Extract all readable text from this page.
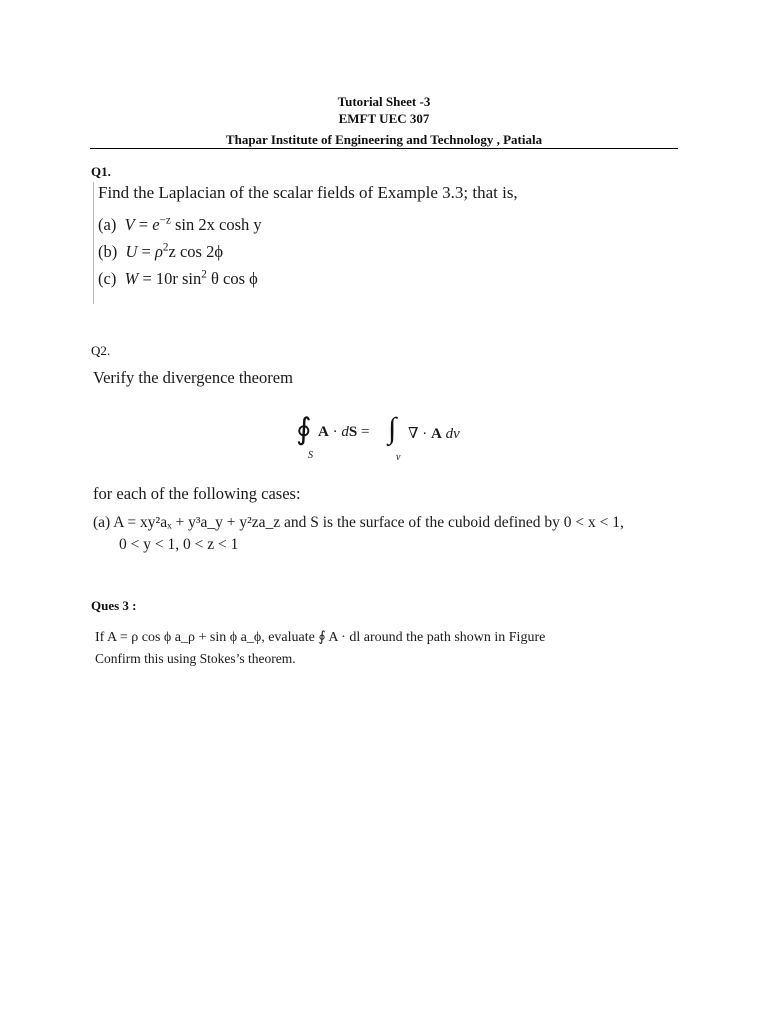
Tutorial Sheet -3
EMFT UEC 307
Thapar Institute of Engineering and Technology , Patiala
Q1.
Find the Laplacian of the scalar fields of Example 3.3; that is,
(a) $V = e^{-z}$ sin 2x cosh y
(b) $U = \rho^2z$ cos 2ϕ
(c) W = 10r $\sin^2 \theta$ cos ϕ
Q2.
Verify the divergence theorem
∮
S
A · dS = ∫
v
∇ · A dv
for each of the following cases:
(a) A = xy²aₓ + y³a_y + y²za_z and S is the surface of the cuboid defined by 0 < x < 1,
0 < y < 1, 0 < z < 1
Ques 3 :
If A = ρ cos ϕ a_ρ + sin ϕ a_ϕ, evaluate ∮ A · dl around the path shown in Figure
Confirm this using Stokes’s theorem.
